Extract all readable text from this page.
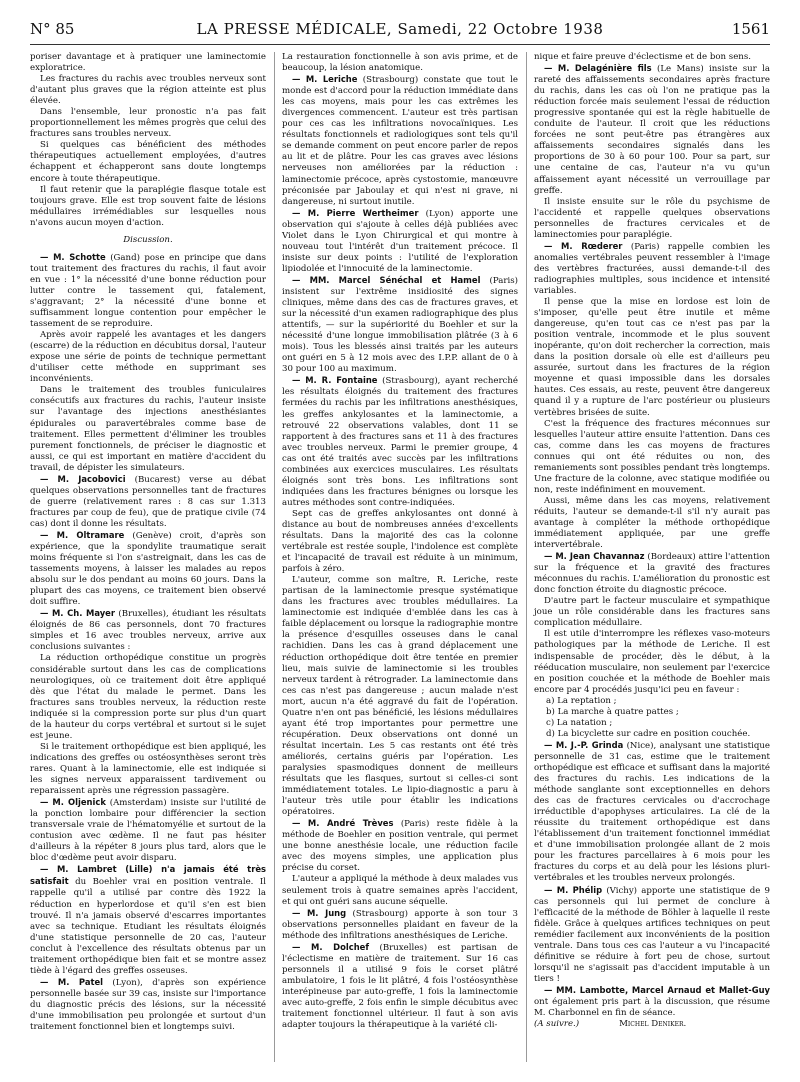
N° 85	LA PRESSE MÉDICALE, Samedi, 22 Octobre 1938	1561

poriser davantage et à pratiquer une laminectomie exploratrice.

Les fractures du rachis avec troubles nerveux sont d'autant plus graves que la région atteinte est plus élevée.

Dans l'ensemble, leur pronostic n'a pas fait proportionnellement les mêmes progrès que celui des fractures sans troubles nerveux.

Si quelques cas bénéficient des méthodes thérapeutiques actuellement employées, d'autres échappent et échapperont sans doute longtemps encore à toute thérapeutique.

Il faut retenir que la paraplégie flasque totale est toujours grave. Elle est trop souvent faite de lésions médullaires irrémédiables sur lesquelles nous n'avons aucun moyen d'action.

Discussion.

— M. Schotte (Gand) pose en principe que dans tout traitement des fractures du rachis, il faut avoir en vue : 1° la nécessité d'une bonne réduction pour lutter contre le tassement qui, fatalement, s'aggravant; 2° la nécessité d'une bonne et suffisamment longue contention pour empêcher le tassement de se reproduire.

Après avoir rappelé les avantages et les dangers (escarre) de la réduction en décubitus dorsal, l'auteur expose une série de points de technique permettant d'utiliser cette méthode en supprimant ses inconvénients.

Dans le traitement des troubles funiculaires consécutifs aux fractures du rachis, l'auteur insiste sur l'avantage des injections anesthésiantes épidurales ou paravertébrales comme base de traitement. Elles permettent d'éliminer les troubles purement fonctionnels, de préciser le diagnostic et aussi, ce qui est important en matière d'accident du travail, de dépister les simulateurs.

— M. Jacobovici (Bucarest) verse au débat quelques observations personnelles tant de fractures de guerre (relativement rares : 8 cas sur 1.313 fractures par coup de feu), que de pratique civile (74 cas) dont il donne les résultats.

— M. Oltramare (Genève) croit, d'après son expérience, que la spondylite traumatique serait moins fréquente si l'on s'astreignait, dans les cas de tassements moyens, à laisser les malades au repos absolu sur le dos pendant au moins 60 jours. Dans la plupart des cas moyens, ce traitement bien observé doit suffire.

— M. Ch. Mayer (Bruxelles), étudiant les résultats éloignés de 86 cas personnels, dont 70 fractures simples et 16 avec troubles nerveux, arrive aux conclusions suivantes :

La réduction orthopédique constitue un progrès considérable surtout dans les cas de complications neurologiques, où ce traitement doit être appliqué dès que l'état du malade le permet. Dans les fractures sans troubles nerveux, la réduction reste indiquée si la compression porte sur plus d'un quart de la hauteur du corps vertébral et surtout si le sujet est jeune.

Si le traitement orthopédique est bien appliqué, les indications des greffes ou ostéosynthèses seront très rares. Quant à la laminectomie, elle est indiquée si les signes nerveux apparaissent tardivement ou reparaissent après une régression passagère.

— M. Oljenick (Amsterdam) insiste sur l'utilité de la ponction lombaire pour différencier la section transversale vraie de l'hématomyélie et surtout de la contusion avec œdème. Il ne faut pas hésiter d'ailleurs à la répéter 8 jours plus tard, alors que le bloc d'œdème peut avoir disparu.

— M. Lambret (Lille) n'a jamais été très satisfait du Boehler vrai en position ventrale. Il rappelle qu'il a utilisé par contre dès 1922 la réduction en hyperlordose et qu'il s'en est bien trouvé. Il n'a jamais observé d'escarres importantes avec sa technique. Etudiant les résultats éloignés d'une statistique personnelle de 20 cas, l'auteur conclut à l'excellence des résultats obtenus par un traitement orthopédique bien fait et se montre assez tiède à l'égard des greffes osseuses.

— M. Patel (Lyon), d'après son expérience personnelle basée sur 39 cas, insiste sur l'importance du diagnostic précis des lésions, sur la nécessité d'une immobilisation peu prolongée et surtout d'un traitement fonctionnel bien et longtemps suivi.

La restauration fonctionnelle à son avis prime, et de beaucoup, la lésion anatomique.

— M. Leriche (Strasbourg) constate que tout le monde est d'accord pour la réduction immédiate dans les cas moyens, mais pour les cas extrêmes les divergences commencent. L'auteur est très partisan pour ces cas les infiltrations novocaïniques. Les résultats fonctionnels et radiologiques sont tels qu'il se demande comment on peut encore parler de repos au lit et de plâtre. Pour les cas graves avec lésions nerveuses non améliorées par la réduction : laminectomie précoce, après cystostomie, manœuvre préconisée par Jaboulay et qui n'est ni grave, ni dangereuse, ni surtout inutile.

— M. Pierre Wertheimer (Lyon) apporte une observation qui s'ajoute à celles déjà publiées avec Violet dans le Lyon Chirurgical et qui montre à nouveau tout l'intérêt d'un traitement précoce. Il insiste sur deux points : l'utilité de l'exploration lipiodolée et l'innocuité de la laminectomie.

— MM. Marcel Sénéchal et Hamel (Paris) insistent sur l'extrême insidiosité des signes cliniques, même dans des cas de fractures graves, et sur la nécessité d'un examen radiographique des plus attentifs, — sur la supériorité du Boehler et sur la nécessité d'une longue immobilisation plâtrée (3 à 6 mois). Tous les blessés ainsi traités par les auteurs ont guéri en 5 à 12 mois avec des I.P.P. allant de 0 à 30 pour 100 au maximum.

— M. R. Fontaine (Strasbourg), ayant recherché les résultats éloignés du traitement des fractures fermées du rachis par les infiltrations anesthésiques, les greffes ankylosantes et la laminectomie, a retrouvé 22 observations valables, dont 11 se rapportent à des fractures sans et 11 à des fractures avec troubles nerveux. Parmi le premier groupe, 4 cas ont été traités avec succès par les infiltrations combinées aux exercices musculaires. Les résultats éloignés sont très bons. Les infiltrations sont indiquées dans les fractures bénignes ou lorsque les autres méthodes sont contre-indiquées.

Sept cas de greffes ankylosantes ont donné à distance au bout de nombreuses années d'excellents résultats. Dans la majorité des cas la colonne vertébrale est restée souple, l'indolence est complète et l'incapacité de travail est réduite à un minimum, parfois à zéro.

L'auteur, comme son maître, R. Leriche, reste partisan de la laminectomie presque systématique dans les fractures avec troubles médullaires. La laminectomie est indiquée d'emblée dans les cas à faible déplacement ou lorsque la radiographie montre la présence d'esquilles osseuses dans le canal rachidien. Dans les cas à grand déplacement une réduction orthopédique doit être tentée en premier lieu, mais suivie de laminectomie si les troubles nerveux tardent à rétrograder. La laminectomie dans ces cas n'est pas dangereuse ; aucun malade n'est mort, aucun n'a été aggravé du fait de l'opération. Quatre n'en ont pas bénéficié, les lésions médullaires ayant été trop importantes pour permettre une récupération. Deux observations ont donné un résultat incertain. Les 5 cas restants ont été très améliorés, certains guéris par l'opération. Les paralysies spasmodiques donnent de meilleurs résultats que les flasques, surtout si celles-ci sont immédiatement totales. Le lipio-diagnostic a paru à l'auteur très utile pour établir les indications opératoires.

— M. André Trèves (Paris) reste fidèle à la méthode de Boehler en position ventrale, qui permet une bonne anesthésie locale, une réduction facile avec des moyens simples, une application plus précise du corset.

L'auteur a appliqué la méthode à deux malades vus seulement trois à quatre semaines après l'accident, et qui ont guéri sans aucune séquelle.

— M. Jung (Strasbourg) apporte à son tour 3 observations personnelles plaidant en faveur de la méthode des infiltrations anesthésiques de Leriche.

— M. Dolchef (Bruxelles) est partisan de l'éclectisme en matière de traitement. Sur 16 cas personnels il a utilisé 9 fois le corset plâtré ambulatoire, 1 fois le lit plâtré, 4 fois l'ostéosynthèse interépineuse par auto-greffe, 1 fois la laminectomie avec auto-greffe, 2 fois enfin le simple décubitus avec traitement fonctionnel ultérieur. Il faut à son avis adapter toujours la thérapeutique à la variété cli-

nique et faire preuve d'éclectisme et de bon sens.

— M. Delagénière fils (Le Mans) insiste sur la rareté des affaissements secondaires après fracture du rachis, dans les cas où l'on ne pratique pas la réduction forcée mais seulement l'essai de réduction progressive spontanée qui est la règle habituelle de conduite de l'auteur. Il croit que les réductions forcées ne sont peut-être pas étrangères aux affaissements secondaires signalés dans les proportions de 30 à 60 pour 100. Pour sa part, sur une centaine de cas, l'auteur n'a vu qu'un affaissement ayant nécessité un verrouillage par greffe.

Il insiste ensuite sur le rôle du psychisme de l'accidenté et rappelle quelques observations personnelles de fractures cervicales et de laminectomies pour paraplégie.

— M. Rœderer (Paris) rappelle combien les anomalies vertébrales peuvent ressembler à l'image des vertèbres fracturées, aussi demande-t-il des radiographies multiples, sous incidence et intensité variables.

Il pense que la mise en lordose est loin de s'imposer, qu'elle peut être inutile et même dangereuse, qu'en tout cas ce n'est pas par la position ventrale, incommode et le plus souvent inopérante, qu'on doit rechercher la correction, mais dans la position dorsale où elle est d'ailleurs peu assurée, surtout dans les fractures de la région moyenne et quasi impossible dans les dorsales hautes. Ces essais, au reste, peuvent être dangereux quand il y a rupture de l'arc postérieur ou plusieurs vertèbres brisées de suite.

C'est la fréquence des fractures méconnues sur lesquelles l'auteur attire ensuite l'attention. Dans ces cas, comme dans les cas moyens de fractures connues qui ont été réduites ou non, des remaniements sont possibles pendant très longtemps. Une fracture de la colonne, avec statique modifiée ou non, reste indéfiniment en mouvement.

Aussi, même dans les cas moyens, relativement réduits, l'auteur se demande-t-il s'il n'y aurait pas avantage à compléter la méthode orthopédique immédiatement appliquée, par une greffe intervertébrale.

— M. Jean Chavannaz (Bordeaux) attire l'attention sur la fréquence et la gravité des fractures méconnues du rachis. L'amélioration du pronostic est donc fonction étroite du diagnostic précoce.

D'autre part le facteur musculaire et sympathique joue un rôle considérable dans les fractures sans complication médullaire.

Il est utile d'interrompre les réflexes vaso-moteurs pathologiques par la méthode de Leriche. Il est indispensable de procéder, dès le début, à la rééducation musculaire, non seulement par l'exercice en position couchée et la méthode de Boehler mais encore par 4 procédés jusqu'ici peu en faveur :

a) La reptation ;

b) La marche à quatre pattes ;

c) La natation ;

d) La bicyclette sur cadre en position couchée.

— M. J.-P. Grinda (Nice), analysant une statistique personnelle de 31 cas, estime que le traitement orthopédique est efficace et suffisant dans la majorité des fractures du rachis. Les indications de la méthode sanglante sont exceptionnelles en dehors des cas de fractures cervicales ou d'accrochage irréductible d'apophyses articulaires. La clé de la réussite du traitement orthopédique est dans l'établissement d'un traitement fonctionnel immédiat et d'une immobilisation prolongée allant de 2 mois pour les fractures parcellaires à 6 mois pour les fractures du corps et au delà pour les lésions pluri-vertébrales et les troubles nerveux prolongés.

— M. Phélip (Vichy) apporte une statistique de 9 cas personnels qui lui permet de conclure à l'efficacité de la méthode de Böhler à laquelle il reste fidèle. Grâce à quelques artifices techniques on peut remédier facilement aux inconvénients de la position ventrale. Dans tous ces cas l'auteur a vu l'incapacité définitive se réduire à fort peu de chose, surtout lorsqu'il ne s'agissait pas d'accident imputable à un tiers !

— MM. Lambotte, Marcel Arnaud et Mallet-Guy ont également pris part à la discussion, que résume M. Charbonnel en fin de séance.

(A suivre.)	Michel Deniker.
